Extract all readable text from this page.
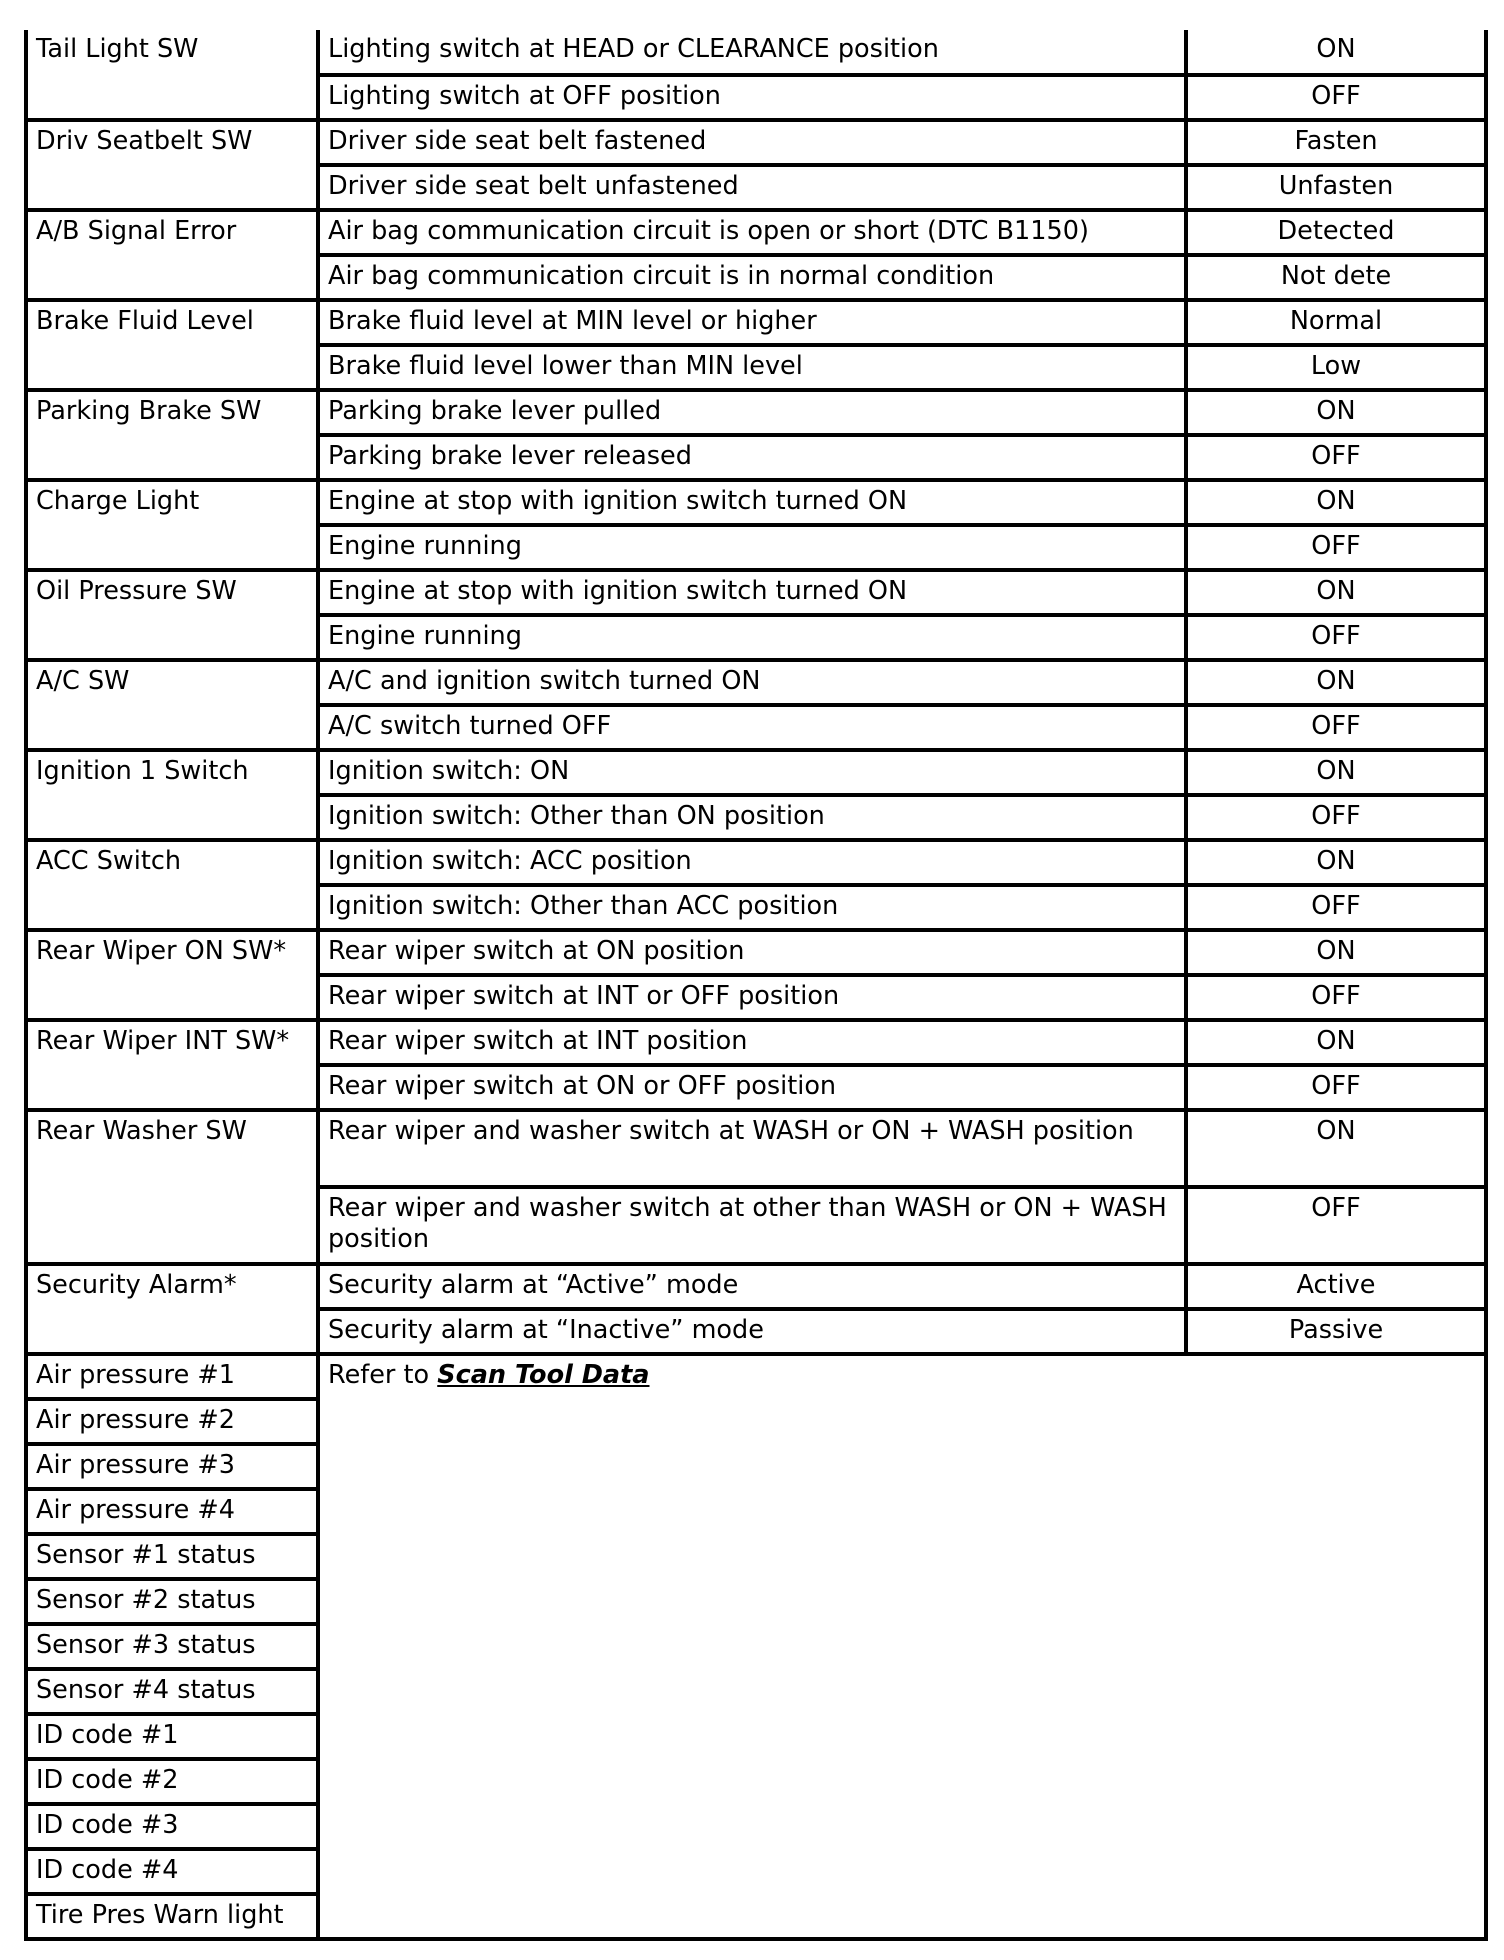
Tail Light SW	Lighting switch at HEAD or CLEARANCE position	ON
	Lighting switch at OFF position	OFF
Driv Seatbelt SW	Driver side seat belt fastened	Fasten
	Driver side seat belt unfastened	Unfasten
A/B Signal Error	Air bag communication circuit is open or short (DTC B1150)	Detected
	Air bag communication circuit is in normal condition	Not dete
Brake Fluid Level	Brake fluid level at MIN level or higher	Normal
	Brake fluid level lower than MIN level	Low
Parking Brake SW	Parking brake lever pulled	ON
	Parking brake lever released	OFF
Charge Light	Engine at stop with ignition switch turned ON	ON
	Engine running	OFF
Oil Pressure SW	Engine at stop with ignition switch turned ON	ON
	Engine running	OFF
A/C SW	A/C and ignition switch turned ON	ON
	A/C switch turned OFF	OFF
Ignition 1 Switch	Ignition switch: ON	ON
	Ignition switch: Other than ON position	OFF
ACC Switch	Ignition switch: ACC position	ON
	Ignition switch: Other than ACC position	OFF
Rear Wiper ON SW*	Rear wiper switch at ON position	ON
	Rear wiper switch at INT or OFF position	OFF
Rear Wiper INT SW*	Rear wiper switch at INT position	ON
	Rear wiper switch at ON or OFF position	OFF
Rear Washer SW	Rear wiper and washer switch at WASH or ON + WASH position	ON
	Rear wiper and washer switch at other than WASH or ON + WASH position	OFF
Security Alarm*	Security alarm at “Active” mode	Active
	Security alarm at “Inactive” mode	Passive
Air pressure #1	Refer to Scan Tool Data	
Air pressure #2		
Air pressure #3		
Air pressure #4		
Sensor #1 status		
Sensor #2 status		
Sensor #3 status		
Sensor #4 status		
ID code #1		
ID code #2		
ID code #3		
ID code #4		
Tire Pres Warn light		
